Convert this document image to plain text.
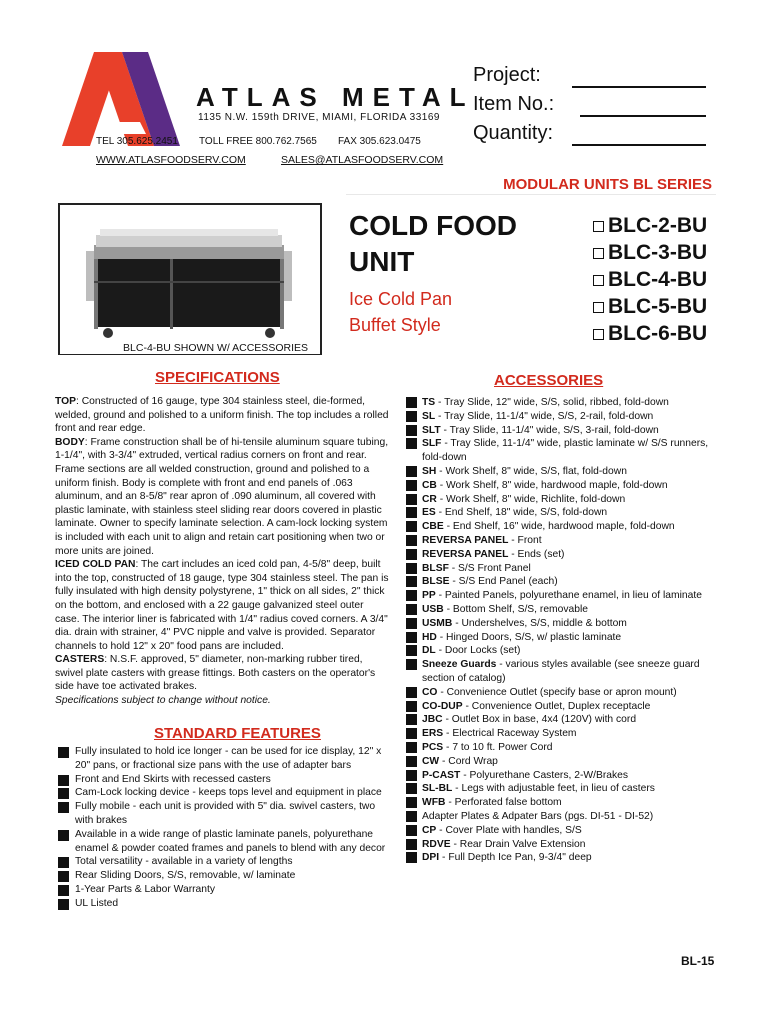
ATLAS METAL
1135 N.W. 159th DRIVE, MIAMI, FLORIDA 33169
TEL 305.625.2451 TOLL FREE 800.762.7565 FAX 305.623.0475
WWW.ATLASFOODSERV.COM	SALES@ATLASFOODSERV.COM
Project:
Item No.:
Quantity:
MODULAR UNITS BL SERIES
BLC-4-BU SHOWN W/ ACCESSORIES
COLD FOOD
UNIT
Ice Cold Pan
Buffet Style
BLC-2-BU
BLC-3-BU
BLC-4-BU
BLC-5-BU
BLC-6-BU
SPECIFICATIONS

TOP: Constructed of 16 gauge, type 304 stainless steel, die-formed, welded, ground and polished to a uniform finish. The top includes a rolled front and rear edge.

BODY: Frame construction shall be of hi-tensile aluminum square tubing, 1-1/4", with 3-3/4" extruded, vertical radius corners on front and rear. Frame sections are all welded construction, ground and polished to a uniform finish. Body is complete with front and end panels of .063 aluminum, and an 8-5/8" rear apron of .090 aluminum, all covered with plastic laminate, with stainless steel sliding rear doors covered in plastic laminate. Owner to specify laminate selection. A cam-lock locking system is included with each unit to align and retain cart positioning when two or more units are joined.

ICED COLD PAN: The cart includes an iced cold pan, 4-5/8" deep, built into the top, constructed of 18 gauge, type 304 stainless steel. The pan is fully insulated with high density polystyrene, 1" thick on all sides, 2" thick on the bottom, and enclosed with a 22 gauge galvanized steel outer case. The interior liner is fabricated with 1/4" radius coved corners. A 3/4" dia. drain with strainer, 4" PVC nipple and valve is provided. Separator channels to hold 12" x 20" food pans are included.

CASTERS: N.S.F. approved, 5" diameter, non-marking rubber tired, swivel plate casters with grease fittings. Both casters on the operator's side have toe activated brakes.

Specifications subject to change without notice.

STANDARD FEATURES
Fully insulated to hold ice longer - can be used for ice display, 12" x 20" pans, or fractional size pans with the use of adapter bars
Front and End Skirts with recessed casters
Cam-Lock locking device - keeps tops level and equipment in place
Fully mobile - each unit is provided with 5" dia. swivel casters, two with brakes
Available in a wide range of plastic laminate panels, polyurethane enamel & powder coated frames and panels to blend with any decor
Total versatility - available in a variety of lengths
Rear Sliding Doors, S/S, removable, w/ laminate
1-Year Parts & Labor Warranty
UL Listed
ACCESSORIES
TS - Tray Slide, 12" wide, S/S, solid, ribbed, fold-down
SL - Tray Slide, 11-1/4" wide, S/S, 2-rail, fold-down
SLT - Tray Slide, 11-1/4" wide, S/S, 3-rail, fold-down
SLF - Tray Slide, 11-1/4" wide, plastic laminate w/ S/S runners, fold-down
SH - Work Shelf, 8" wide, S/S, flat, fold-down
CB - Work Shelf, 8" wide, hardwood maple, fold-down
CR - Work Shelf, 8" wide, Richlite, fold-down
ES - End Shelf, 18" wide, S/S, fold-down
CBE - End Shelf, 16" wide, hardwood maple, fold-down
REVERSA PANEL - Front
REVERSA PANEL - Ends (set)
BLSF - S/S Front Panel
BLSE - S/S End Panel (each)
PP - Painted Panels, polyurethane enamel, in lieu of laminate
USB - Bottom Shelf, S/S, removable
USMB - Undershelves, S/S, middle & bottom
HD - Hinged Doors, S/S, w/ plastic laminate
DL - Door Locks (set)
Sneeze Guards - various styles available (see sneeze guard section of catalog)
CO - Convenience Outlet (specify base or apron mount)
CO-DUP - Convenience Outlet, Duplex receptacle
JBC - Outlet Box in base, 4x4 (120V) with cord
ERS - Electrical Raceway System
PCS - 7 to 10 ft. Power Cord
CW - Cord Wrap
P-CAST - Polyurethane Casters, 2-W/Brakes
SL-BL - Legs with adjustable feet, in lieu of casters
WFB - Perforated false bottom
Adapter Plates & Adpater Bars (pgs. DI-51 - DI-52)
CP - Cover Plate with handles, S/S
RDVE - Rear Drain Valve Extension
DPI - Full Depth Ice Pan, 9-3/4" deep
BL-15
